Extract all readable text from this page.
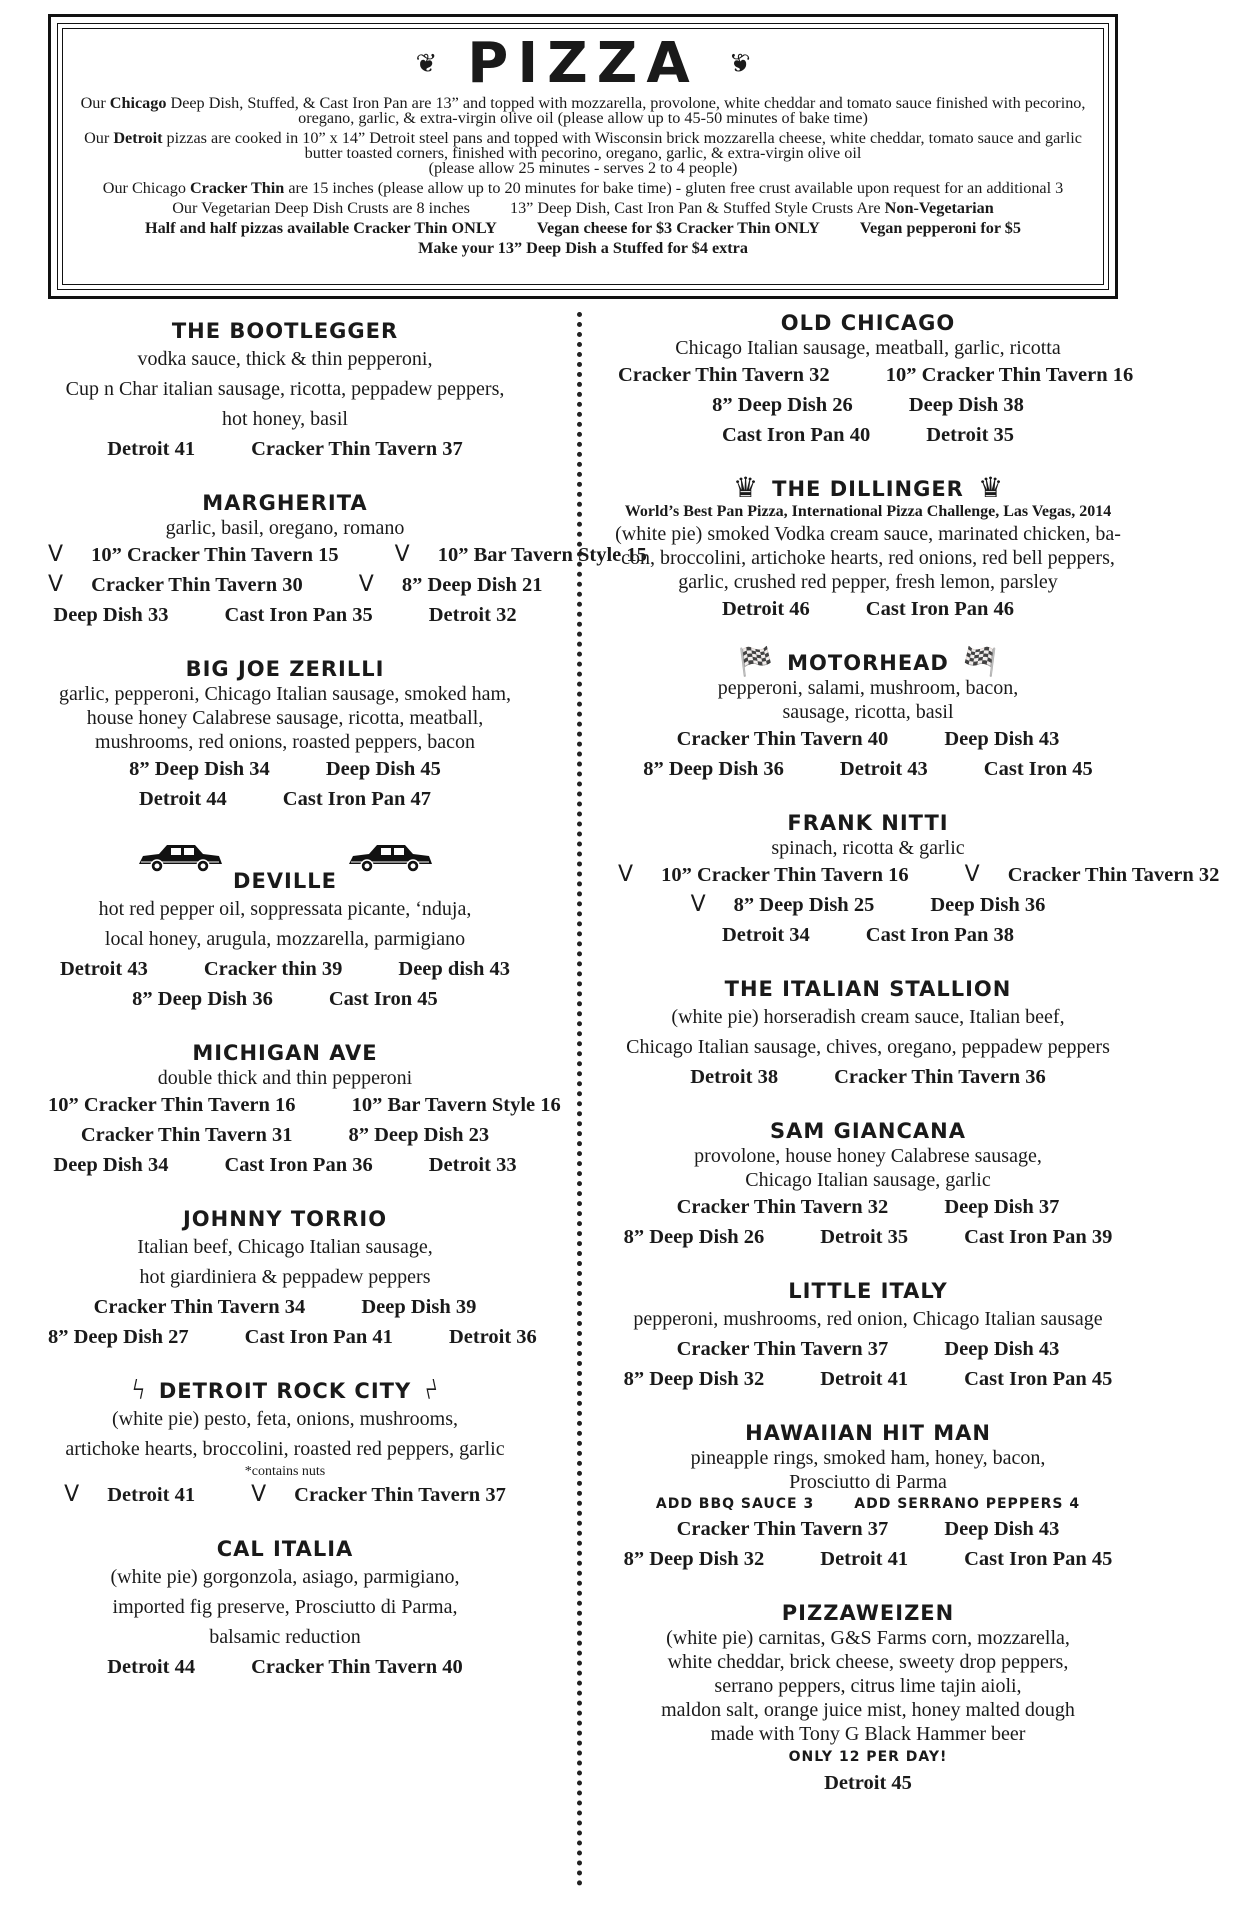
❦ PIZZA ❦

Our Chicago Deep Dish, Stuffed, & Cast Iron Pan are 13” and topped with mozzarella, provolone, white cheddar and tomato sauce finished with pecorino, oregano, garlic, & extra-virgin olive oil (please allow up to 45-50 minutes of bake time)

Our Detroit pizzas are cooked in 10” x 14” Detroit steel pans and topped with Wisconsin brick mozzarella cheese, white cheddar, tomato sauce and garlic butter toasted corners, finished with pecorino, oregano, garlic, & extra-virgin olive oil
(please allow 25 minutes - serves 2 to 4 people)

Our Chicago Cracker Thin are 15 inches (please allow up to 20 minutes for bake time) - gluten free crust available upon request for an additional 3

Our Vegetarian Deep Dish Crusts are 8 inches 13” Deep Dish, Cast Iron Pan & Stuffed Style Crusts Are Non-Vegetarian
Half and half pizzas available Cracker Thin ONLY Vegan cheese for $3 Cracker Thin ONLY Vegan pepperoni for $5

Make your 13” Deep Dish a Stuffed for $4 extra

THE BOOTLEGGER
vodka sauce, thick & thin pepperoni,
Cup n Char italian sausage, ricotta, peppadew peppers,
hot honey, basil
Detroit 41	Cracker Thin Tavern 37
MARGHERITA
garlic, basil, oregano, romano
V 10” Cracker Thin Tavern 15	V 10” Bar Tavern Style 15
V Cracker Thin Tavern 30	V 8” Deep Dish 21
Deep Dish 33	Cast Iron Pan 35	Detroit 32
BIG JOE ZERILLI
garlic, pepperoni, Chicago Italian sausage, smoked ham,
house honey Calabrese sausage, ricotta, meatball,
mushrooms, red onions, roasted peppers, bacon
8” Deep Dish 34	Deep Dish 45
Detroit 44	Cast Iron Pan 47
DEVILLE
hot red pepper oil, soppressata picante, ‘nduja,
local honey, arugula, mozzarella, parmigiano
Detroit 43	Cracker thin 39	Deep dish 43
8” Deep Dish 36	Cast Iron 45
MICHIGAN AVE
double thick and thin pepperoni
10” Cracker Thin Tavern 16	10” Bar Tavern Style 16
Cracker Thin Tavern 31	8” Deep Dish 23
Deep Dish 34	Cast Iron Pan 36	Detroit 33
JOHNNY TORRIO
Italian beef, Chicago Italian sausage,
hot giardiniera & peppadew peppers
Cracker Thin Tavern 34	Deep Dish 39
8” Deep Dish 27	Cast Iron Pan 41	Detroit 36
ϟ DETROIT ROCK CITY ϟ
(white pie) pesto, feta, onions, mushrooms,
artichoke hearts, broccolini, roasted red peppers, garlic
*contains nuts
V Detroit 41	V Cracker Thin Tavern 37
CAL ITALIA
(white pie) gorgonzola, asiago, parmigiano,
imported fig preserve, Prosciutto di Parma,
balsamic reduction
Detroit 44	Cracker Thin Tavern 40
OLD CHICAGO
Chicago Italian sausage, meatball, garlic, ricotta
Cracker Thin Tavern 32	10” Cracker Thin Tavern 16
8” Deep Dish 26	Deep Dish 38
Cast Iron Pan 40	Detroit 35
♛ THE DILLINGER ♛
World’s Best Pan Pizza, International Pizza Challenge, Las Vegas, 2014
(white pie) smoked Vodka cream sauce, marinated chicken, ba-
con, broccolini, artichoke hearts, red onions, red bell peppers,
garlic, crushed red pepper, fresh lemon, parsley
Detroit 46	Cast Iron Pan 46
🏁 MOTORHEAD 🏁
pepperoni, salami, mushroom, bacon,
sausage, ricotta, basil
Cracker Thin Tavern 40	Deep Dish 43
8” Deep Dish 36	Detroit 43	Cast Iron 45
FRANK NITTI
spinach, ricotta & garlic
V 10” Cracker Thin Tavern 16	V Cracker Thin Tavern 32
V 8” Deep Dish 25	Deep Dish 36
Detroit 34	Cast Iron Pan 38
THE ITALIAN STALLION
(white pie) horseradish cream sauce, Italian beef,
Chicago Italian sausage, chives, oregano, peppadew peppers
Detroit 38	Cracker Thin Tavern 36
SAM GIANCANA
provolone, house honey Calabrese sausage,
Chicago Italian sausage, garlic
Cracker Thin Tavern 32	Deep Dish 37
8” Deep Dish 26	Detroit 35	Cast Iron Pan 39
LITTLE ITALY
pepperoni, mushrooms, red onion, Chicago Italian sausage
Cracker Thin Tavern 37	Deep Dish 43
8” Deep Dish 32	Detroit 41	Cast Iron Pan 45
HAWAIIAN HIT MAN
pineapple rings, smoked ham, honey, bacon,
Prosciutto di Parma
ADD BBQ SAUCE 3	ADD SERRANO PEPPERS 4
Cracker Thin Tavern 37	Deep Dish 43
8” Deep Dish 32	Detroit 41	Cast Iron Pan 45
PIZZAWEIZEN
(white pie) carnitas, G&S Farms corn, mozzarella,
white cheddar, brick cheese, sweety drop peppers,
serrano peppers, citrus lime tajin aioli,
maldon salt, orange juice mist, honey malted dough
made with Tony G Black Hammer beer
ONLY 12 PER DAY!
Detroit 45
